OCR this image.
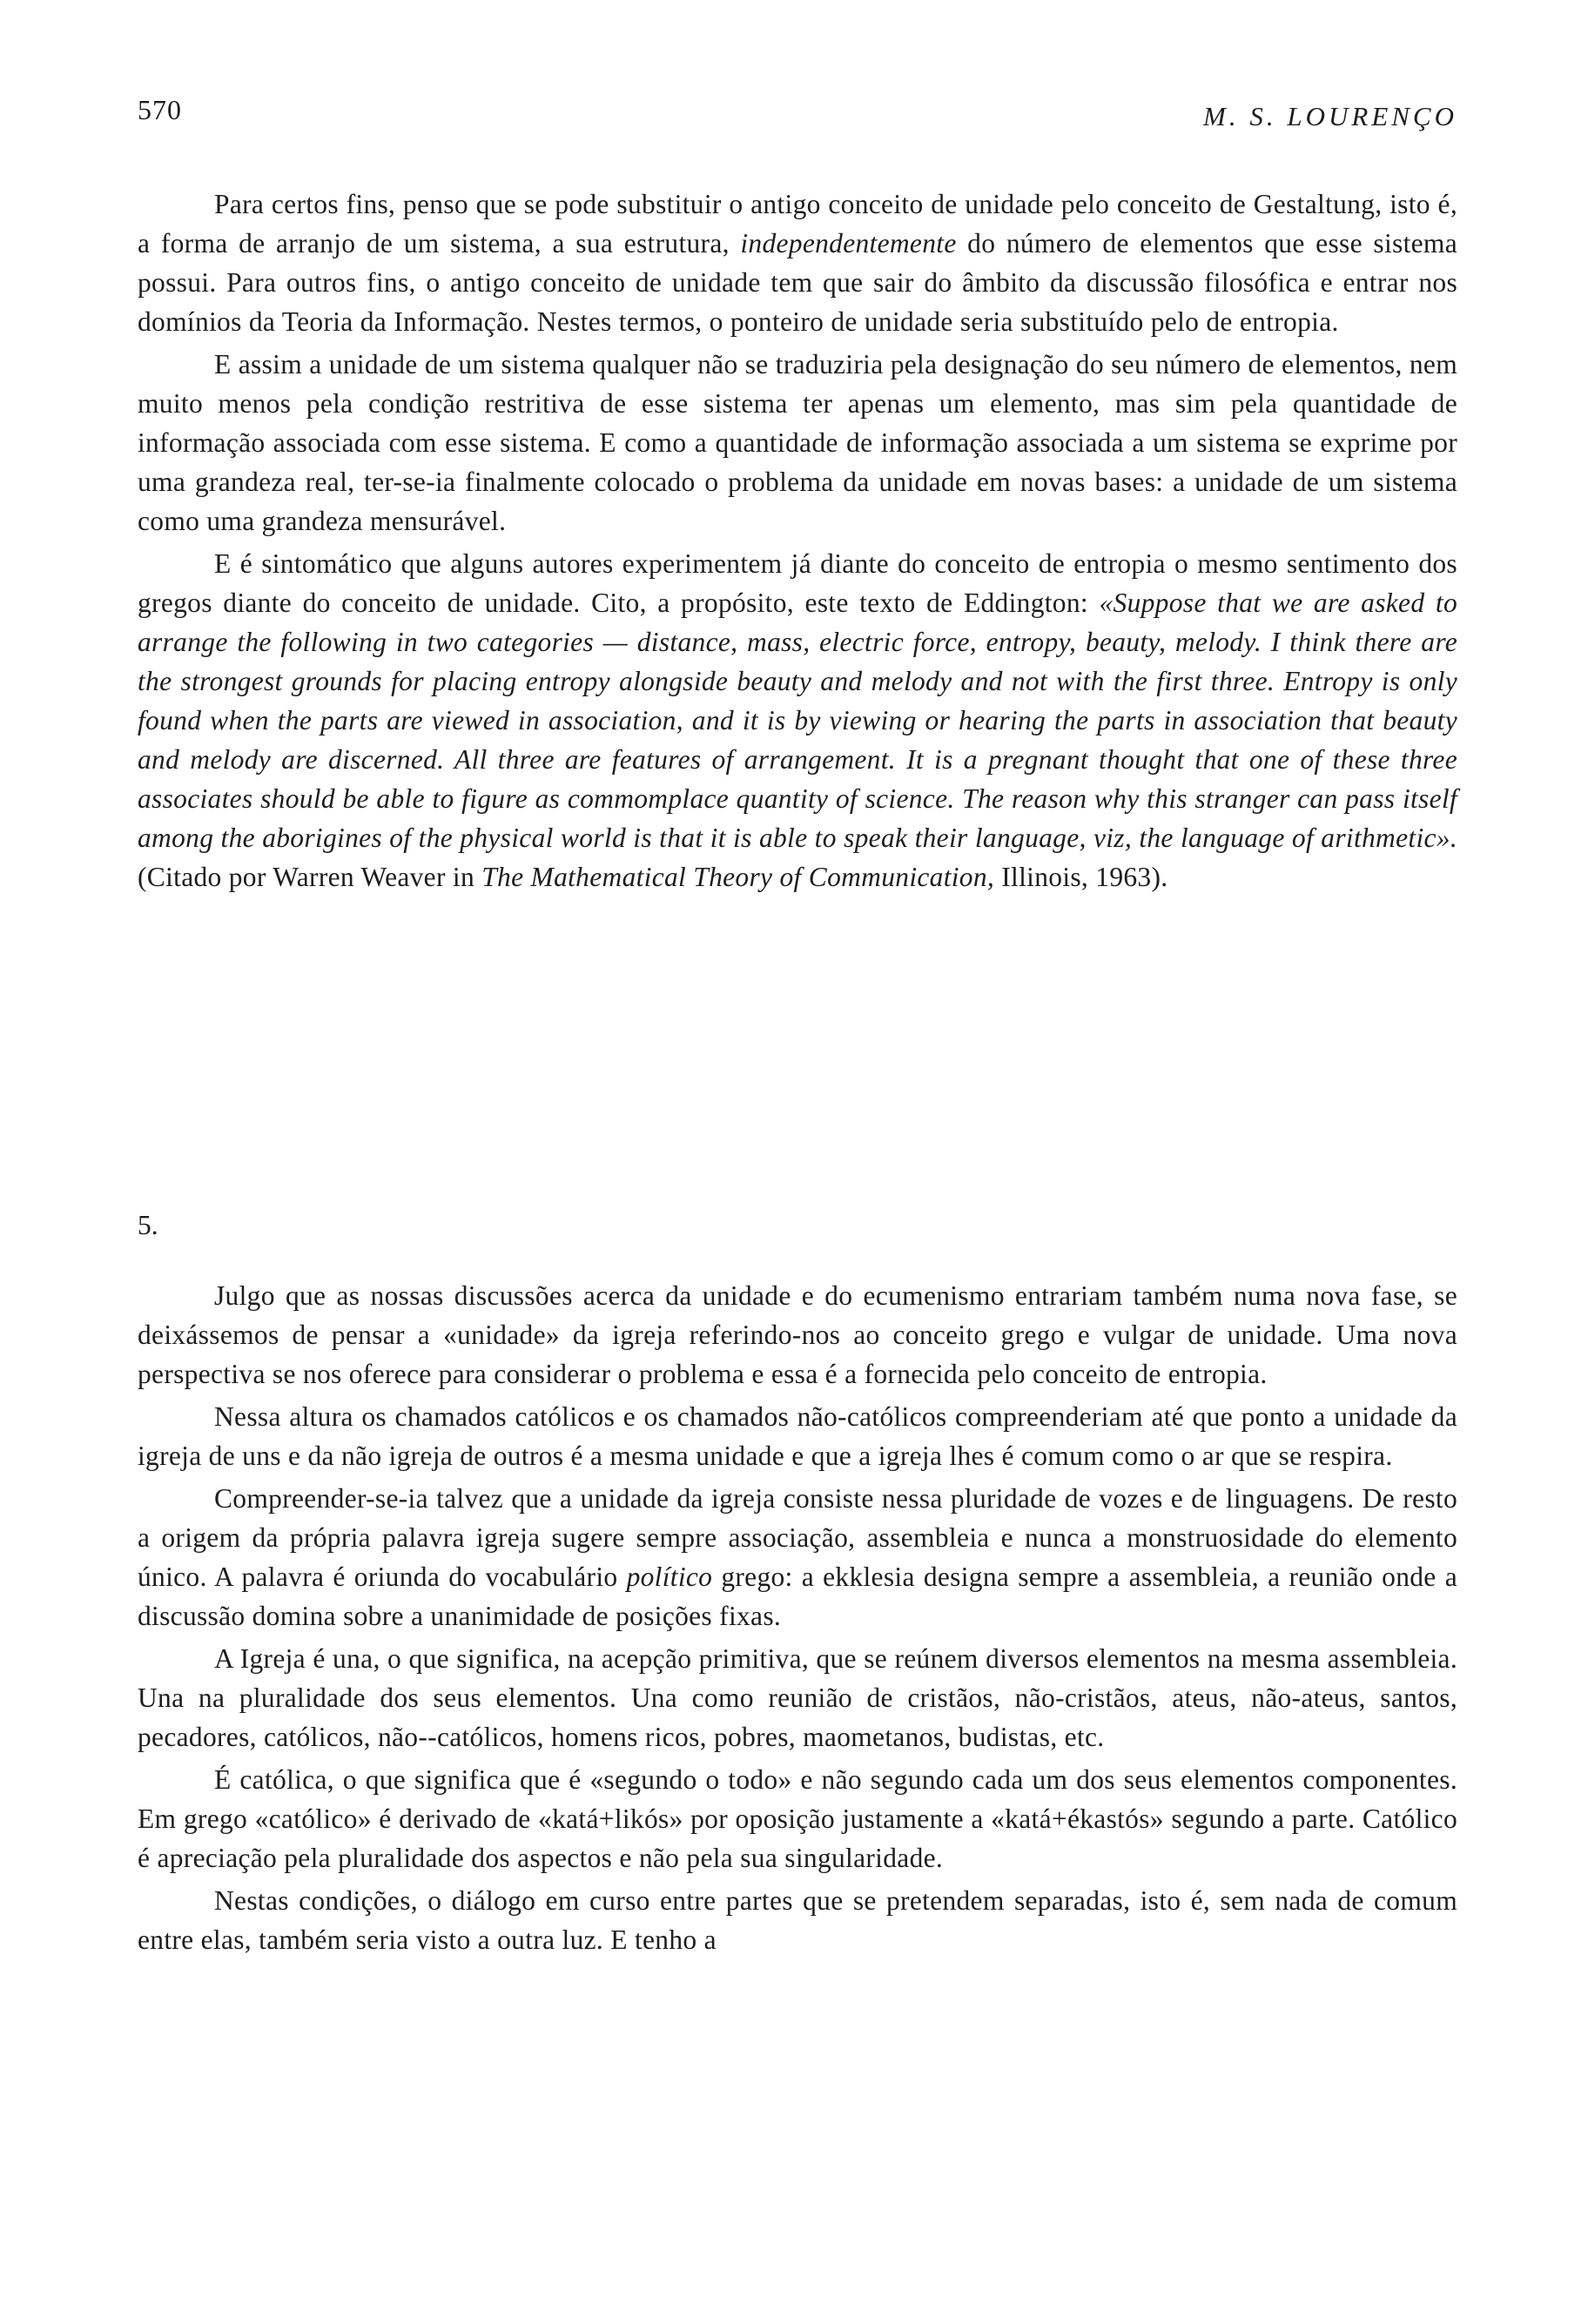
570	M. S. LOURENÇO

Para certos fins, penso que se pode substituir o antigo conceito de unidade pelo conceito de Gestaltung, isto é, a forma de arranjo de um sistema, a sua estrutura, independentemente do número de elementos que esse sistema possui. Para outros fins, o antigo conceito de unidade tem que sair do âmbito da discussão filosófica e entrar nos domínios da Teoria da Informação. Nestes termos, o ponteiro de unidade seria substituído pelo de entropia.

E assim a unidade de um sistema qualquer não se traduziria pela designação do seu número de elementos, nem muito menos pela condição restritiva de esse sistema ter apenas um elemento, mas sim pela quantidade de informação associada com esse sistema. E como a quantidade de informação associada a um sistema se exprime por uma grandeza real, ter-se-ia finalmente colocado o problema da unidade em novas bases: a unidade de um sistema como uma grandeza mensurável.

E é sintomático que alguns autores experimentem já diante do conceito de entropia o mesmo sentimento dos gregos diante do conceito de unidade. Cito, a propósito, este texto de Eddington: «Suppose that we are asked to arrange the following in two categories — distance, mass, electric force, entropy, beauty, melody. I think there are the strongest grounds for placing entropy alongside beauty and melody and not with the first three. Entropy is only found when the parts are viewed in association, and it is by viewing or hearing the parts in association that beauty and melody are discerned. All three are features of arrangement. It is a pregnant thought that one of these three associates should be able to figure as commomplace quantity of science. The reason why this stranger can pass itself among the aborigines of the physical world is that it is able to speak their language, viz, the language of arithmetic». (Citado por Warren Weaver in The Mathematical Theory of Communication, Illinois, 1963).

5.

Julgo que as nossas discussões acerca da unidade e do ecumenismo entrariam também numa nova fase, se deixássemos de pensar a «unidade» da igreja referindo-nos ao conceito grego e vulgar de unidade. Uma nova perspectiva se nos oferece para considerar o problema e essa é a fornecida pelo conceito de entropia.

Nessa altura os chamados católicos e os chamados não-católicos compreenderiam até que ponto a unidade da igreja de uns e da não igreja de outros é a mesma unidade e que a igreja lhes é comum como o ar que se respira.

Compreender-se-ia talvez que a unidade da igreja consiste nessa pluridade de vozes e de linguagens. De resto a origem da própria palavra igreja sugere sempre associação, assembleia e nunca a monstruosidade do elemento único. A palavra é oriunda do vocabulário político grego: a ekklesia designa sempre a assembleia, a reunião onde a discussão domina sobre a unanimidade de posições fixas.

A Igreja é una, o que significa, na acepção primitiva, que se reúnem diversos elementos na mesma assembleia. Una na pluralidade dos seus elementos. Una como reunião de cristãos, não-cristãos, ateus, não-ateus, santos, pecadores, católicos, não--católicos, homens ricos, pobres, maometanos, budistas, etc.

É católica, o que significa que é «segundo o todo» e não segundo cada um dos seus elementos componentes. Em grego «católico» é derivado de «katá+likós» por oposição justamente a «katá+ékastós» segundo a parte. Católico é apreciação pela pluralidade dos aspectos e não pela sua singularidade.

Nestas condições, o diálogo em curso entre partes que se pretendem separadas, isto é, sem nada de comum entre elas, também seria visto a outra luz. E tenho a
